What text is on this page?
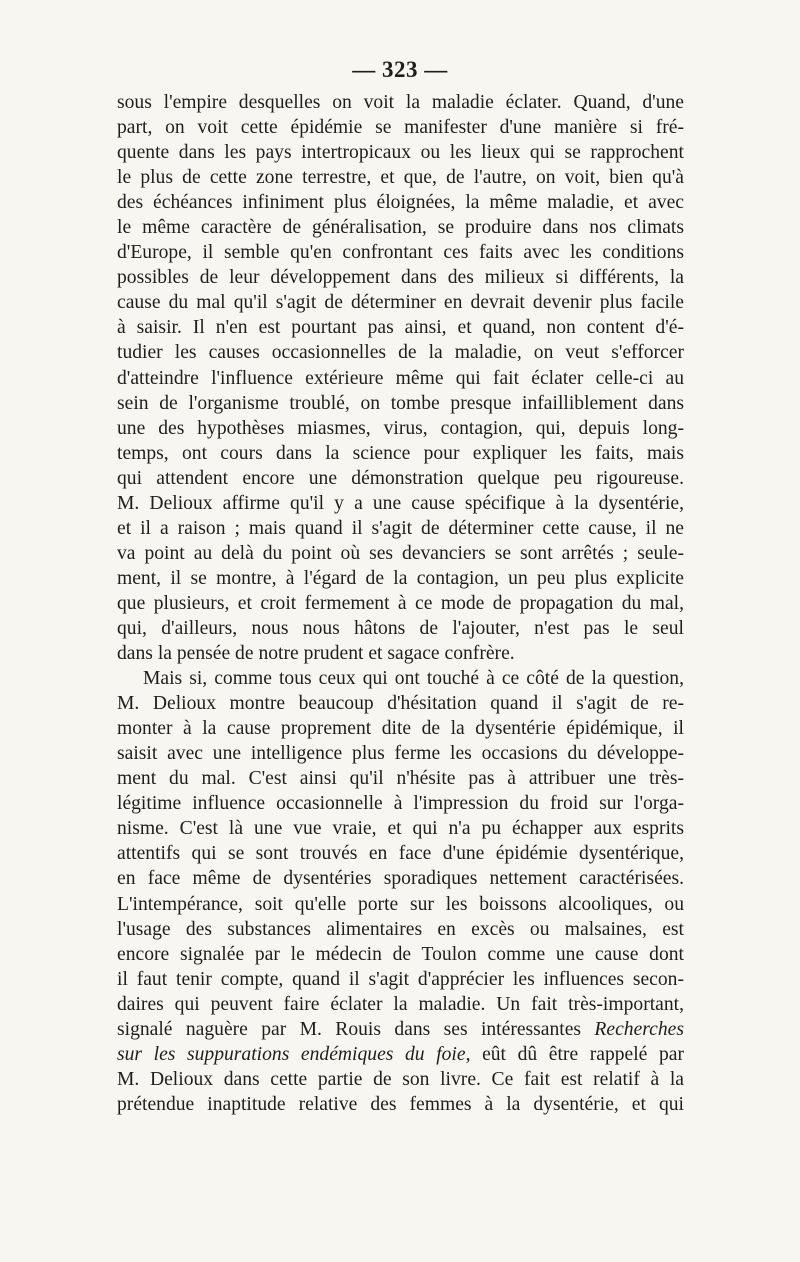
— 323 —
sous l'empire desquelles on voit la maladie éclater. Quand, d'une
part, on voit cette épidémie se manifester d'une manière si fré-
quente dans les pays intertropicaux ou les lieux qui se rapprochent
le plus de cette zone terrestre, et que, de l'autre, on voit, bien qu'à
des échéances infiniment plus éloignées, la même maladie, et avec
le même caractère de généralisation, se produire dans nos climats
d'Europe, il semble qu'en confrontant ces faits avec les conditions
possibles de leur développement dans des milieux si différents, la
cause du mal qu'il s'agit de déterminer en devrait devenir plus facile
à saisir. Il n'en est pourtant pas ainsi, et quand, non content d'é-
tudier les causes occasionnelles de la maladie, on veut s'efforcer
d'atteindre l'influence extérieure même qui fait éclater celle-ci au
sein de l'organisme troublé, on tombe presque infailliblement dans
une des hypothèses miasmes, virus, contagion, qui, depuis long-
temps, ont cours dans la science pour expliquer les faits, mais
qui attendent encore une démonstration quelque peu rigoureuse.
M. Delioux affirme qu'il y a une cause spécifique à la dysentérie,
et il a raison ; mais quand il s'agit de déterminer cette cause, il ne
va point au delà du point où ses devanciers se sont arrêtés ; seule-
ment, il se montre, à l'égard de la contagion, un peu plus explicite
que plusieurs, et croit fermement à ce mode de propagation du mal,
qui, d'ailleurs, nous nous hâtons de l'ajouter, n'est pas le seul
dans la pensée de notre prudent et sagace confrère.
Mais si, comme tous ceux qui ont touché à ce côté de la question,
M. Delioux montre beaucoup d'hésitation quand il s'agit de re-
monter à la cause proprement dite de la dysentérie épidémique, il
saisit avec une intelligence plus ferme les occasions du développe-
ment du mal. C'est ainsi qu'il n'hésite pas à attribuer une très-
légitime influence occasionnelle à l'impression du froid sur l'orga-
nisme. C'est là une vue vraie, et qui n'a pu échapper aux esprits
attentifs qui se sont trouvés en face d'une épidémie dysentérique,
en face même de dysentéries sporadiques nettement caractérisées.
L'intempérance, soit qu'elle porte sur les boissons alcooliques, ou
l'usage des substances alimentaires en excès ou malsaines, est
encore signalée par le médecin de Toulon comme une cause dont
il faut tenir compte, quand il s'agit d'apprécier les influences secon-
daires qui peuvent faire éclater la maladie. Un fait très-important,
signalé naguère par M. Rouis dans ses intéressantes Recherches
sur les suppurations endémiques du foie, eût dû être rappelé par
M. Delioux dans cette partie de son livre. Ce fait est relatif à la
prétendue inaptitude relative des femmes à la dysentérie, et qui
